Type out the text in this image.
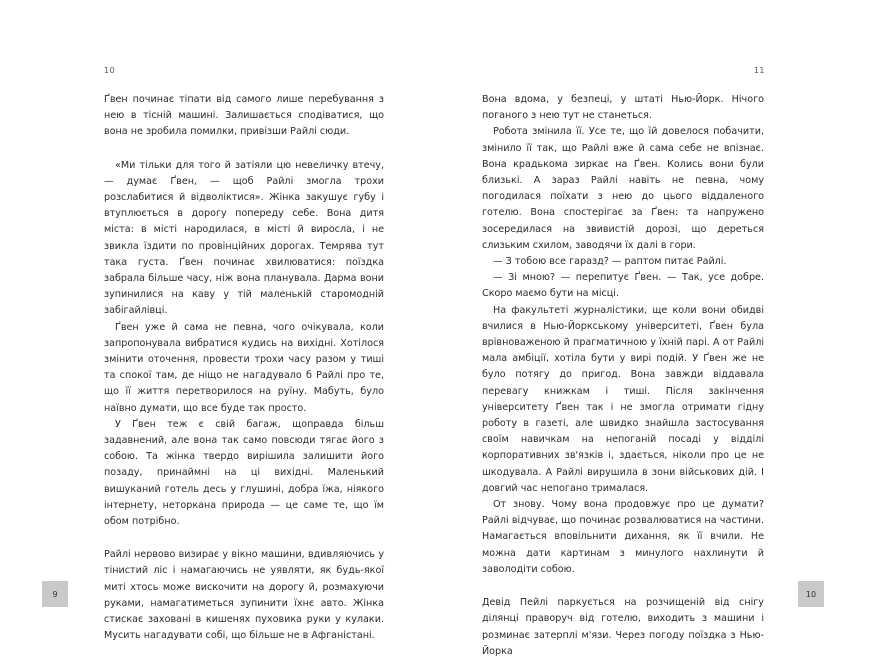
10

Ґвен починає тіпати від самого лише перебування з нею в тісній машині. Залишається сподіватися, що вона не зробила помилки, привізши Райлі сюди.

«Ми тільки для того й затіяли цю невеличку втечу, — думає Ґвен, — щоб Райлі змогла трохи розслабитися й відволіктися». Жінка закушує губу і втуплюється в дорогу попереду себе. Вона дитя міста: в місті народилася, в місті й виросла, і не звикла їздити по провінційних дорогах. Темрява тут така густа. Ґвен починає хвилюватися: поїздка забрала більше часу, ніж вона планувала. Дарма вони зупинилися на каву у тій маленькій старомодній забігайлівці.

Ґвен уже й сама не певна, чого очікувала, коли запропонувала вибратися кудись на вихідні. Хотілося змінити оточення, провести трохи часу разом у тиші та спокої там, де ніщо не нагадувало б Райлі про те, що її життя перетворилося на руїну. Мабуть, було наївно думати, що все буде так просто.

У Ґвен теж є свій багаж, щоправда більш задавнений, але вона так само повсюди тягає його з собою. Та жінка твердо вирішила залишити його позаду, принаймні на ці вихідні. Маленький вишуканий готель десь у глушині, добра їжа, ніякого інтернету, неторкана природа — це саме те, що їм обом потрібно.

Райлі нервово визирає у вікно машини, вдивляючись у тінистий ліс і намагаючись не уявляти, як будь-якої миті хтось може вискочити на дорогу й, розмахуючи руками, намагатиметься зупинити їхнє авто. Жінка стискає заховані в кишенях пуховика руки у кулаки. Мусить нагадувати собі, що більше не в Афганістані.

9
11

Вона вдома, у безпеці, у штаті Нью-Йорк. Нічого поганого з нею тут не станеться.

Робота змінила її. Усе те, що їй довелося побачити, змінило її так, що Райлі вже й сама себе не впізнає. Вона крадькома зиркає на Ґвен. Колись вони були близькі. А зараз Райлі навіть не певна, чому погодилася поїхати з нею до цього віддаленого готелю. Вона спостерігає за Ґвен: та напружено зосередилася на звивистій дорозі, що дереться слизьким схилом, заводячи їх далі в гори.

— З тобою все гаразд? — раптом питає Райлі.

— Зі мною? — перепитує Ґвен. — Так, усе добре. Скоро маємо бути на місці.

На факультеті журналістики, ще коли вони обидві вчилися в Нью-Йоркському університеті, Ґвен була врівноваженою й прагматичною у їхній парі. А от Райлі мала амбіції, хотіла бути у вирі подій. У Ґвен же не було потягу до пригод. Вона завжди віддавала перевагу книжкам і тиші. Після закінчення університету Ґвен так і не змогла отримати гідну роботу в газеті, але швидко знайшла застосування своїм навичкам на непоганій посаді у відділі корпоративних зв'язків і, здається, ніколи про це не шкодувала. А Райлі вирушила в зони військових дій. І довгий час непогано трималася.

От знову. Чому вона продовжує про це думати? Райлі відчуває, що починає розвалюватися на частини. Намагається вповільнити дихання, як її вчили. Не можна дати картинам з минулого нахлинути й заволодіти собою.

Девід Пейлі паркується на розчищеній від снігу ділянці праворуч від готелю, виходить з машини і розминає затерплі м'язи. Через погоду поїздка з Нью-Йорка

10
